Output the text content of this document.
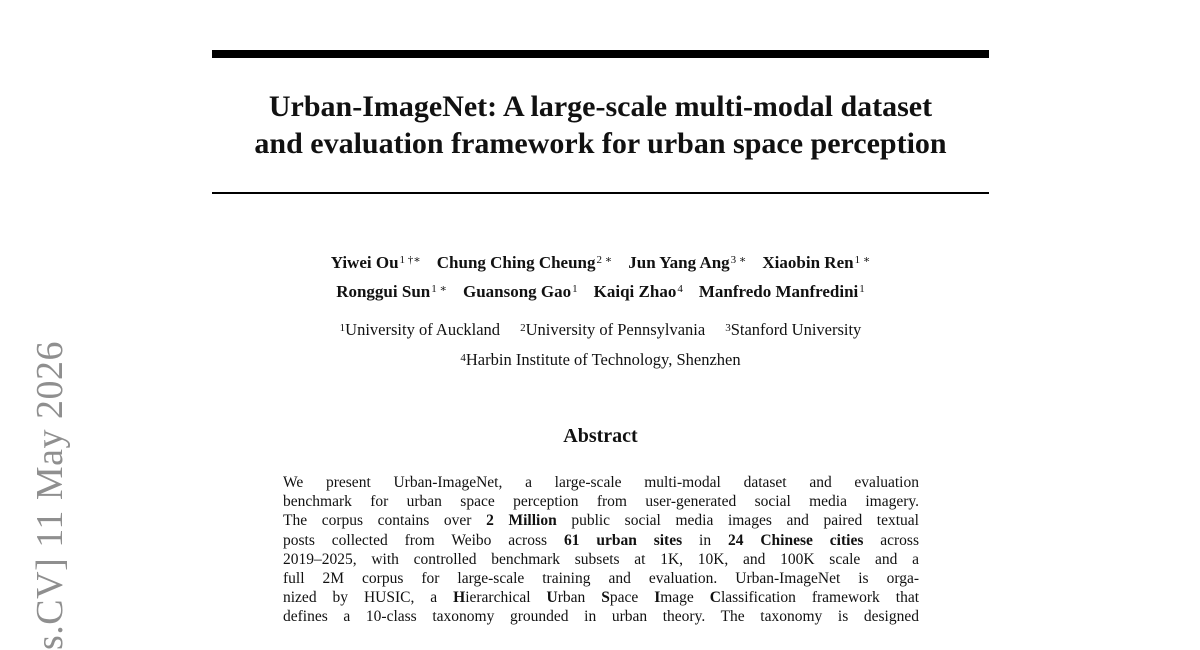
s.CV] 11 May 2026
Urban-ImageNet: A large-scale multi-modal dataset
and evaluation framework for urban space perception
Yiwei $Ou^{1 \dagger∗}$ Chung Ching Cheung$^{2 ∗}$ Jun Yang Ang$^{3 ∗}$ Xiaobin Ren$^{1 ∗}$
Ronggui Sun$^{1 ∗}$ Guansong Gao$^1$ Kaiqi Zhao$^4$ Manfredo Manfredini$^1$
$^1$University of Auckland $^2$University of Pennsylvania $^3$Stanford University
$^4$Harbin Institute of Technology, Shenzhen
Abstract
We present Urban-ImageNet, a large-scale multi-modal dataset and evaluation
benchmark for urban space perception from user-generated social media imagery.
The corpus contains over 2 Million public social media images and paired textual
posts collected from Weibo across 61 urban sites in 24 Chinese cities across
2019–2025, with controlled benchmark subsets at 1K, 10K, and 100K scale and a
full 2M corpus for large-scale training and evaluation. Urban-ImageNet is orga-
nized by HUSIC, a Hierarchical Urban Space Image Classification framework that
defines a 10-class taxonomy grounded in urban theory. The taxonomy is designed
